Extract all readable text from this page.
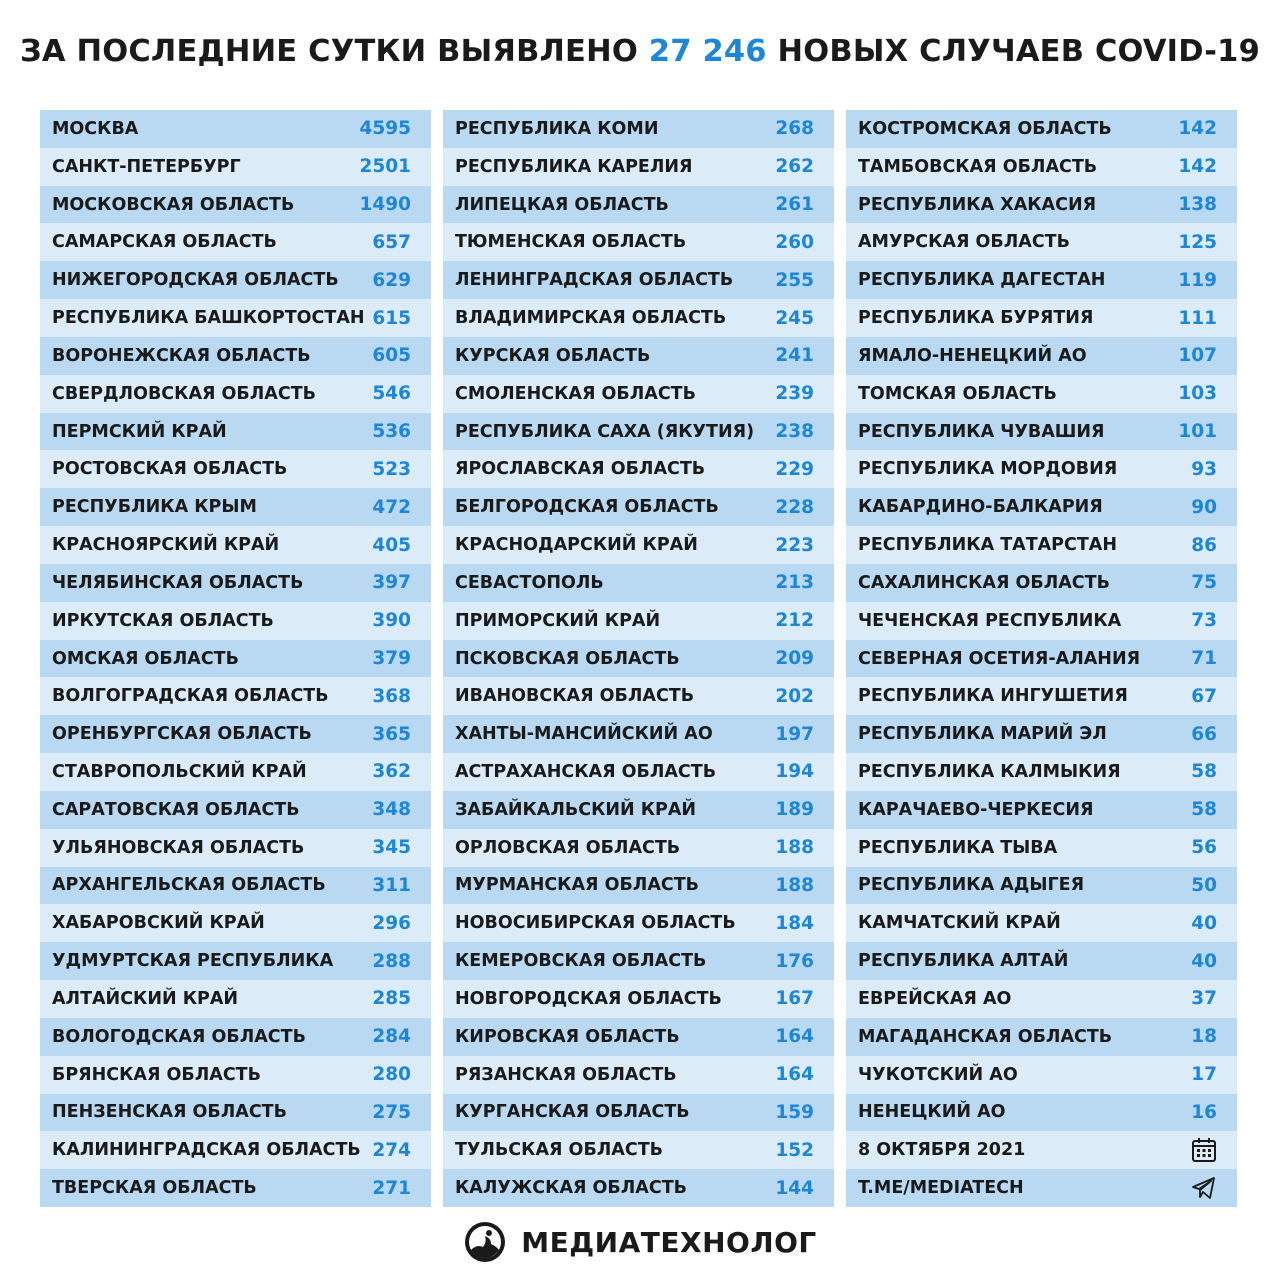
ЗА ПОСЛЕДНИЕ СУТКИ ВЫЯВЛЕНО 27 246 НОВЫХ СЛУЧАЕВ COVID-19
МОСКВА	4595
САНКТ-ПЕТЕРБУРГ	2501
МОСКОВСКАЯ ОБЛАСТЬ	1490
САМАРСКАЯ ОБЛАСТЬ	657
НИЖЕГОРОДСКАЯ ОБЛАСТЬ 629
РЕСПУБЛИКА БАШКОРТОСТАН 615
ВОРОНЕЖСКАЯ ОБЛАСТЬ	605
СВЕРДЛОВСКАЯ ОБЛАСТЬ	546
ПЕРМСКИЙ КРАЙ	536
РОСТОВСКАЯ ОБЛАСТЬ	523
РЕСПУБЛИКА КРЫМ	472
КРАСНОЯРСКИЙ КРАЙ	405
ЧЕЛЯБИНСКАЯ ОБЛАСТЬ	397
ИРКУТСКАЯ ОБЛАСТЬ	390
ОМСКАЯ ОБЛАСТЬ	379
ВОЛГОГРАДСКАЯ ОБЛАСТЬ 368
ОРЕНБУРГСКАЯ ОБЛАСТЬ	365
СТАВРОПОЛЬСКИЙ КРАЙ	362
САРАТОВСКАЯ ОБЛАСТЬ	348
УЛЬЯНОВСКАЯ ОБЛАСТЬ	345
АРХАНГЕЛЬСКАЯ ОБЛАСТЬ	311
ХАБАРОВСКИЙ КРАЙ	296
УДМУРТСКАЯ РЕСПУБЛИКА 288
АЛТАЙСКИЙ КРАЙ	285
ВОЛОГОДСКАЯ ОБЛАСТЬ	284
БРЯНСКАЯ ОБЛАСТЬ	280
ПЕНЗЕНСКАЯ ОБЛАСТЬ	275
КАЛИНИНГРАДСКАЯ ОБЛАСТЬ 274
ТВЕРСКАЯ ОБЛАСТЬ	271
РЕСПУБЛИКА КОМИ	268
РЕСПУБЛИКА КАРЕЛИЯ	262
ЛИПЕЦКАЯ ОБЛАСТЬ	261
ТЮМЕНСКАЯ ОБЛАСТЬ	260
ЛЕНИНГРАДСКАЯ ОБЛАСТЬ 255
ВЛАДИМИРСКАЯ ОБЛАСТЬ	245
КУРСКАЯ ОБЛАСТЬ	241
СМОЛЕНСКАЯ ОБЛАСТЬ	239
РЕСПУБЛИКА САХА (ЯКУТИЯ) 238
ЯРОСЛАВСКАЯ ОБЛАСТЬ	229
БЕЛГОРОДСКАЯ ОБЛАСТЬ	228
КРАСНОДАРСКИЙ КРАЙ	223
СЕВАСТОПОЛЬ	213
ПРИМОРСКИЙ КРАЙ	212
ПСКОВСКАЯ ОБЛАСТЬ	209
ИВАНОВСКАЯ ОБЛАСТЬ	202
ХАНТЫ-МАНСИЙСКИЙ АО	197
АСТРАХАНСКАЯ ОБЛАСТЬ	194
ЗАБАЙКАЛЬСКИЙ КРАЙ	189
ОРЛОВСКАЯ ОБЛАСТЬ	188
МУРМАНСКАЯ ОБЛАСТЬ	188
НОВОСИБИРСКАЯ ОБЛАСТЬ 184
КЕМЕРОВСКАЯ ОБЛАСТЬ	176
НОВГОРОДСКАЯ ОБЛАСТЬ	167
КИРОВСКАЯ ОБЛАСТЬ	164
РЯЗАНСКАЯ ОБЛАСТЬ	164
КУРГАНСКАЯ ОБЛАСТЬ	159
ТУЛЬСКАЯ ОБЛАСТЬ	152
КАЛУЖСКАЯ ОБЛАСТЬ	144
КОСТРОМСКАЯ ОБЛАСТЬ	142
ТАМБОВСКАЯ ОБЛАСТЬ	142
РЕСПУБЛИКА ХАКАСИЯ	138
АМУРСКАЯ ОБЛАСТЬ	125
РЕСПУБЛИКА ДАГЕСТАН	119
РЕСПУБЛИКА БУРЯТИЯ	111
ЯМАЛО-НЕНЕЦКИЙ АО	107
ТОМСКАЯ ОБЛАСТЬ	103
РЕСПУБЛИКА ЧУВАШИЯ	101
РЕСПУБЛИКА МОРДОВИЯ	93
КАБАРДИНО-БАЛКАРИЯ	90
РЕСПУБЛИКА ТАТАРСТАН	86
САХАЛИНСКАЯ ОБЛАСТЬ	75
ЧЕЧЕНСКАЯ РЕСПУБЛИКА	73
СЕВЕРНАЯ ОСЕТИЯ-АЛАНИЯ	71
РЕСПУБЛИКА ИНГУШЕТИЯ	67
РЕСПУБЛИКА МАРИЙ ЭЛ	66
РЕСПУБЛИКА КАЛМЫКИЯ	58
КАРАЧАЕВО-ЧЕРКЕСИЯ	58
РЕСПУБЛИКА ТЫВА	56
РЕСПУБЛИКА АДЫГЕЯ	50
КАМЧАТСКИЙ КРАЙ	40
РЕСПУБЛИКА АЛТАЙ	40
ЕВРЕЙСКАЯ АО	37
МАГАДАНСКАЯ ОБЛАСТЬ	18
ЧУКОТСКИЙ АО	17
НЕНЕЦКИЙ АО	16
8 ОКТЯБРЯ 2021
T.ME/MEDIATECH
МЕДИАТЕХНОЛОГ
